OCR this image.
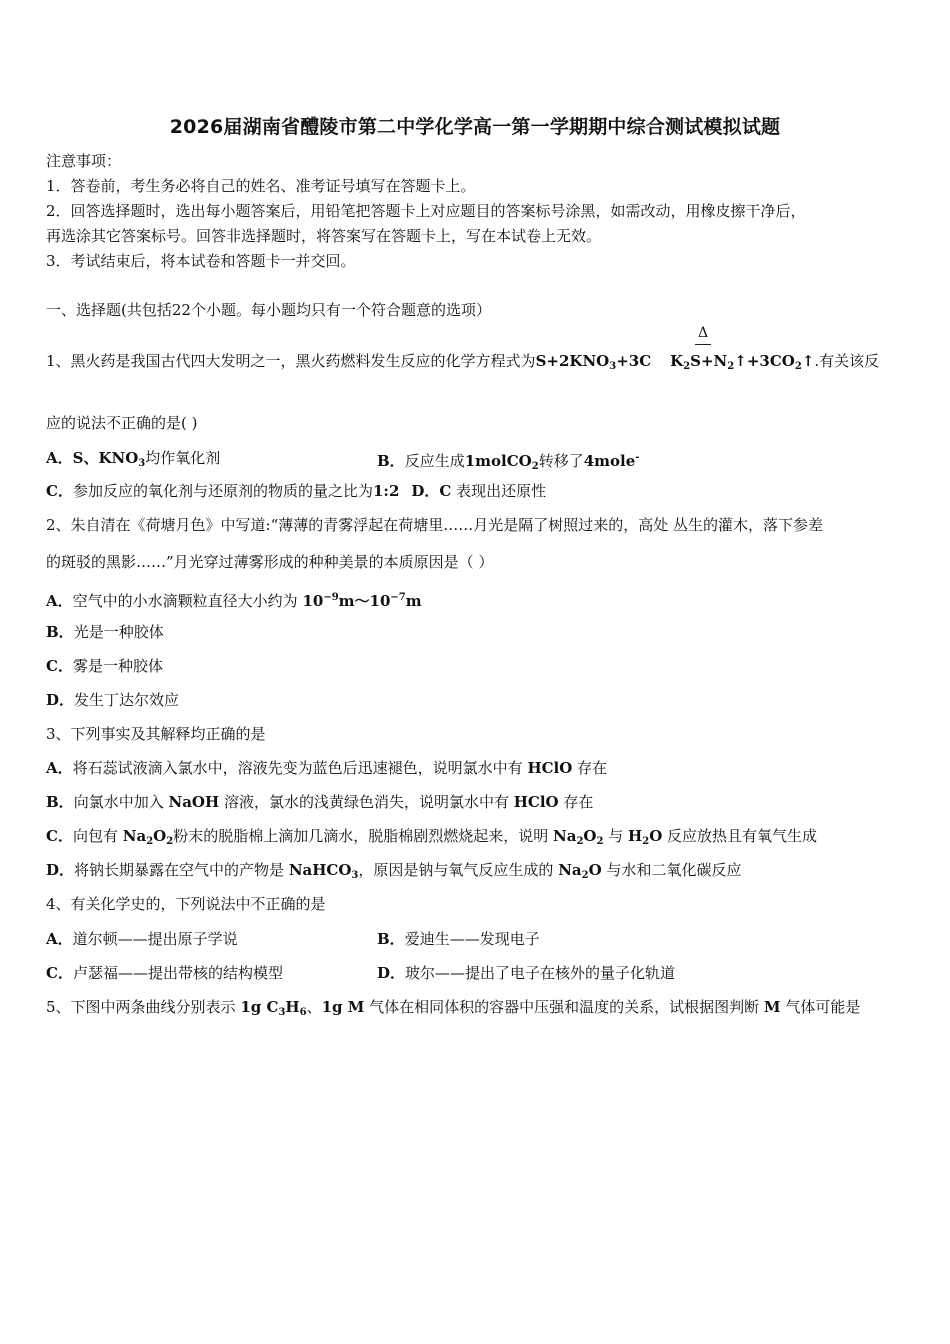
2026届湖南省醴陵市第二中学化学高一第一学期期中综合测试模拟试题
注意事项：
1．答卷前，考生务必将自己的姓名、准考证号填写在答题卡上。
2．回答选择题时，选出每小题答案后，用铅笔把答题卡上对应题目的答案标号涂黑，如需改动，用橡皮擦干净后，
再选涂其它答案标号。回答非选择题时，将答案写在答题卡上，写在本试卷上无效。
3．考试结束后，将本试卷和答题卡一并交回。
一、选择题(共包括22个小题。每小题均只有一个符合题意的选项）
Δ
1、黑火药是我国古代四大发明之一，黑火药燃料发生反应的化学方程式为$S+2KNO_3+3C$ $K_2S+N_2↑+3CO_2↑$.有关该反
应的说法不正确的是( )
A．S、$KNO_3$均作氧化剂	B．反应生成1molCO$_2$转移了4mole-
C．参加反应的氧化剂与还原剂的物质的量之比为1:2 D．C 表现出还原性
2、朱自清在《荷塘月色》中写道:“薄薄的青雾浮起在荷塘里……月光是隔了树照过来的，高处 丛生的灌木，落下参差
的斑驳的黑影……”月光穿过薄雾形成的种种美景的本质原因是（ ）
A．空气中的小水滴颗粒直径大小约为 $10^{-9}m\sim 10^{-7}m$
B．光是一种胶体
C．雾是一种胶体
D．发生丁达尔效应
3、下列事实及其解释均正确的是
A．将石蕊试液滴入氯水中，溶液先变为蓝色后迅速褪色，说明氯水中有 HClO 存在
B．向氯水中加入 NaOH 溶液，氯水的浅黄绿色消失，说明氯水中有 HClO 存在
C．向包有 $Na_2O_2$粉末的脱脂棉上滴加几滴水，脱脂棉剧烈燃烧起来，说明 $Na_2O_2$ 与 $H_2O$ 反应放热且有氧气生成
D．将钠长期暴露在空气中的产物是 NaHCO$_3$，原因是钠与氧气反应生成的 $Na_2O$ 与水和二氧化碳反应
4、有关化学史的，下列说法中不正确的是
A．道尔顿——提出原子学说	B．爱迪生——发现电子
C．卢瑟福——提出带核的结构模型	D．玻尔——提出了电子在核外的量子化轨道
5、下图中两条曲线分别表示 1g $C_3H_6$、1g M 气体在相同体积的容器中压强和温度的关系，试根据图判断 M 气体可能是
